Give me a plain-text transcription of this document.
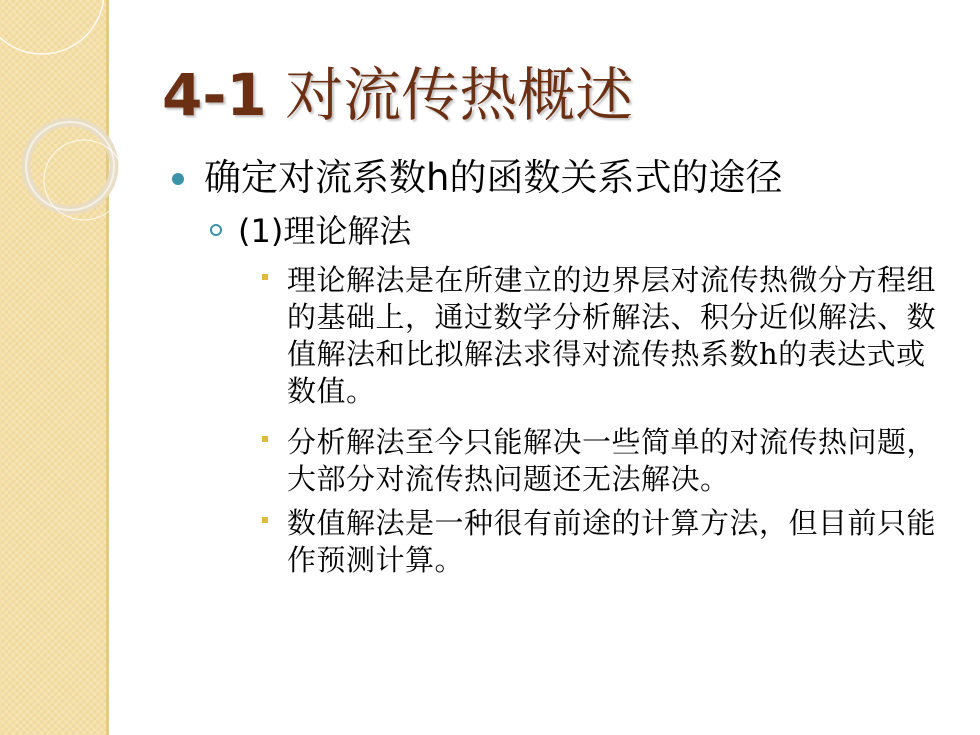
4-1 对流传热概述
确定对流系数h的函数关系式的途径
(1)理论解法
理论解法是在所建立的边界层对流传热微分方程组的基础上，通过数学分析解法、积分近似解法、数值解法和比拟解法求得对流传热系数h的表达式或数值。
分析解法至今只能解决一些简单的对流传热问题，大部分对流传热问题还无法解决。
数值解法是一种很有前途的计算方法，但目前只能作预测计算。
